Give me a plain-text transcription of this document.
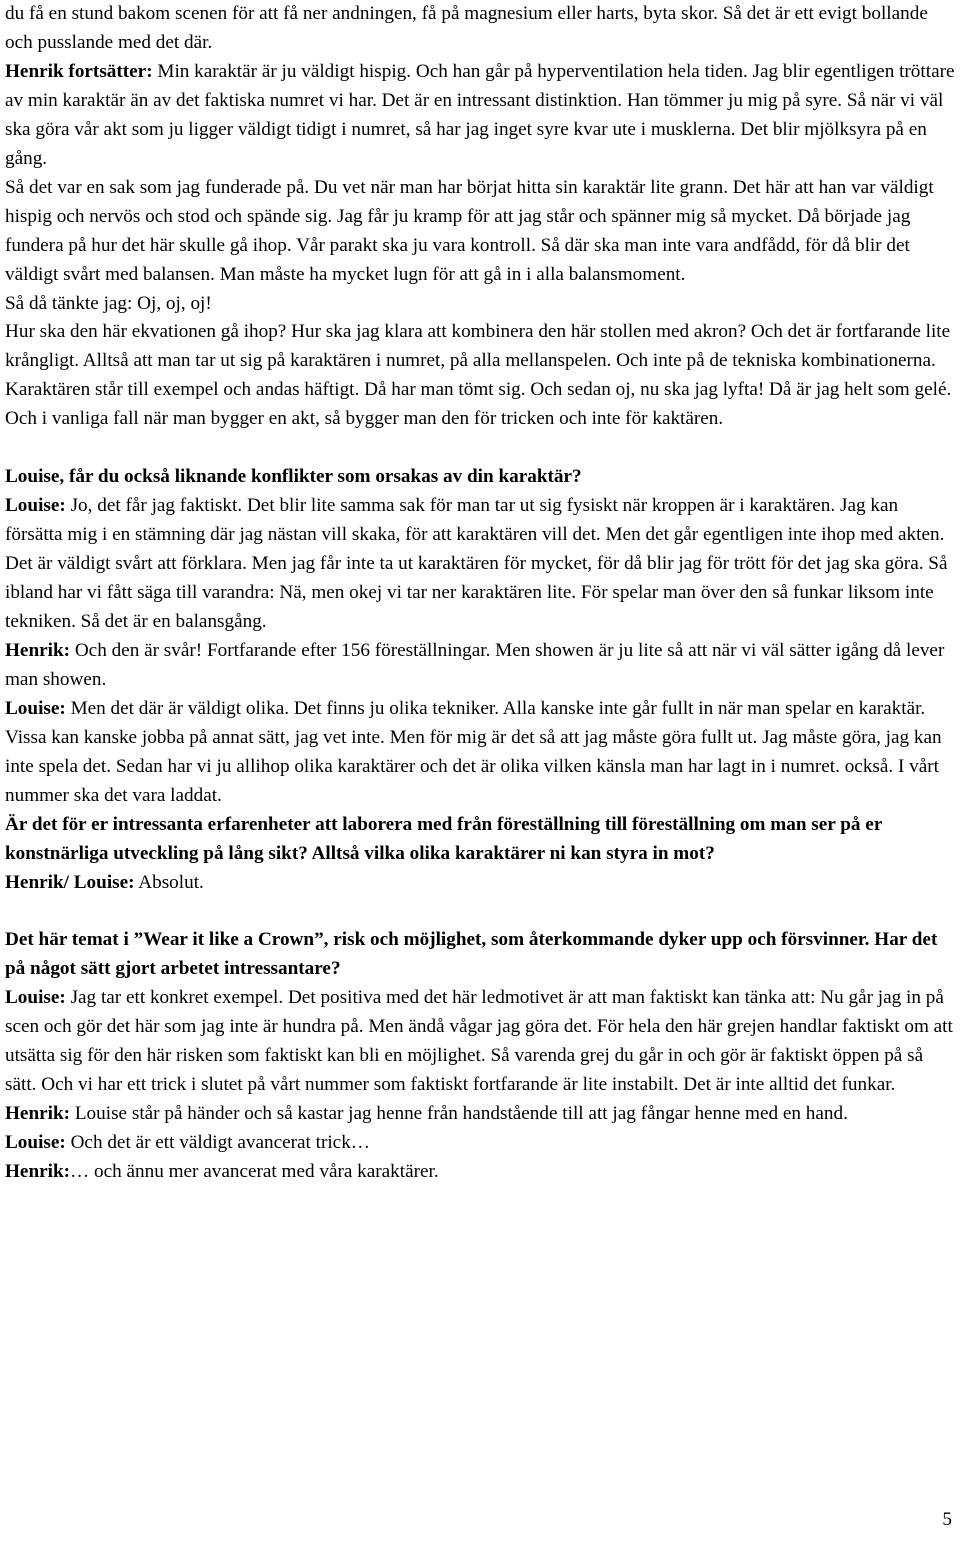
du få en stund bakom scenen för att få ner andningen, få på magnesium eller harts, byta skor. Så det är ett evigt bollande och pusslande med det där.

Henrik fortsätter: Min karaktär är ju väldigt hispig. Och han går på hyperventilation hela tiden. Jag blir egentligen tröttare av min karaktär än av det faktiska numret vi har. Det är en intressant distinktion. Han tömmer ju mig på syre. Så när vi väl ska göra vår akt som ju ligger väldigt tidigt i numret, så har jag inget syre kvar ute i musklerna. Det blir mjölksyra på en gång.

Så det var en sak som jag funderade på. Du vet när man har börjat hitta sin karaktär lite grann. Det här att han var väldigt hispig och nervös och stod och spände sig. Jag får ju kramp för att jag står och spänner mig så mycket. Då började jag fundera på hur det här skulle gå ihop. Vår parakt ska ju vara kontroll. Så där ska man inte vara andfådd, för då blir det väldigt svårt med balansen. Man måste ha mycket lugn för att gå in i alla balansmoment.

Så då tänkte jag: Oj, oj, oj!

Hur ska den här ekvationen gå ihop? Hur ska jag klara att kombinera den här stollen med akron? Och det är fortfarande lite krångligt. Alltså att man tar ut sig på karaktären i numret, på alla mellanspelen. Och inte på de tekniska kombinationerna. Karaktären står till exempel och andas häftigt. Då har man tömt sig. Och sedan oj, nu ska jag lyfta! Då är jag helt som gelé.

Och i vanliga fall när man bygger en akt, så bygger man den för tricken och inte för kaktären.

Louise, får du också liknande konflikter som orsakas av din karaktär?

Louise: Jo, det får jag faktiskt. Det blir lite samma sak för man tar ut sig fysiskt när kroppen är i karaktären. Jag kan försätta mig i en stämning där jag nästan vill skaka, för att karaktären vill det. Men det går egentligen inte ihop med akten. Det är väldigt svårt att förklara. Men jag får inte ta ut karaktären för mycket, för då blir jag för trött för det jag ska göra. Så ibland har vi fått säga till varandra: Nä, men okej vi tar ner karaktären lite. För spelar man över den så funkar liksom inte tekniken. Så det är en balansgång.

Henrik: Och den är svår! Fortfarande efter 156 föreställningar. Men showen är ju lite så att när vi väl sätter igång då lever man showen.

Louise: Men det där är väldigt olika. Det finns ju olika tekniker. Alla kanske inte går fullt in när man spelar en karaktär. Vissa kan kanske jobba på annat sätt, jag vet inte. Men för mig är det så att jag måste göra fullt ut. Jag måste göra, jag kan inte spela det. Sedan har vi ju allihop olika karaktärer och det är olika vilken känsla man har lagt in i numret. också. I vårt nummer ska det vara laddat.

Är det för er intressanta erfarenheter att laborera med från föreställning till föreställning om man ser på er konstnärliga utveckling på lång sikt? Alltså vilka olika karaktärer ni kan styra in mot?

Henrik/ Louise: Absolut.

Det här temat i ”Wear it like a Crown”, risk och möjlighet, som återkommande dyker upp och försvinner. Har det på något sätt gjort arbetet intressantare?

Louise: Jag tar ett konkret exempel. Det positiva med det här ledmotivet är att man faktiskt kan tänka att: Nu går jag in på scen och gör det här som jag inte är hundra på. Men ändå vågar jag göra det. För hela den här grejen handlar faktiskt om att utsätta sig för den här risken som faktiskt kan bli en möjlighet. Så varenda grej du går in och gör är faktiskt öppen på så sätt. Och vi har ett trick i slutet på vårt nummer som faktiskt fortfarande är lite instabilt. Det är inte alltid det funkar.

Henrik: Louise står på händer och så kastar jag henne från handstående till att jag fångar henne med en hand.

Louise: Och det är ett väldigt avancerat trick…

Henrik:… och ännu mer avancerat med våra karaktärer.

5
